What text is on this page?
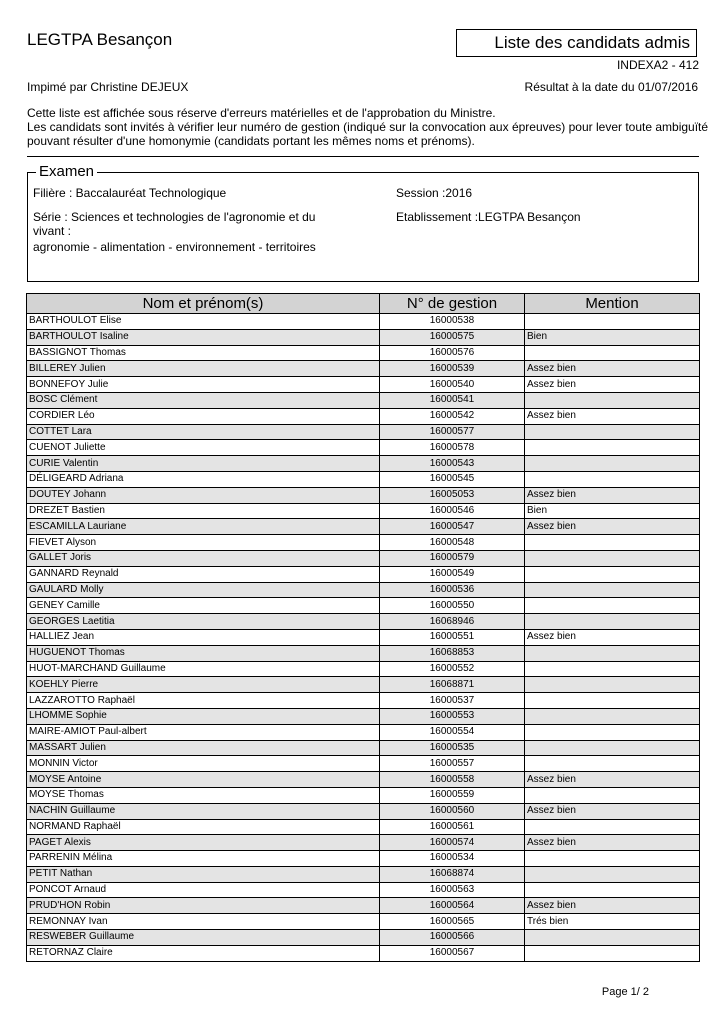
LEGTPA Besançon	Liste des candidats admis
INDEXA2 - 412
Impimé par Christine DEJEUX	Résultat à la date du 01/07/2016
Cette liste est affichée sous réserve d'erreurs matérielles et de l'approbation du Ministre.
Les candidats sont invités à vérifier leur numéro de gestion (indiqué sur la convocation aux épreuves) pour lever toute ambiguïté
pouvant résulter d'une homonymie (candidats portant les mêmes noms et prénoms).
Examen
Filière : Baccalauréat Technologique
Série : Sciences et technologies de l'agronomie et du vivant :
agronomie - alimentation - environnement - territoires
Session :2016
Etablissement :LEGTPA Besançon
Nom et prénom(s)	N° de gestion	Mention
BARTHOULOT Elise	16000538	
BARTHOULOT Isaline	16000575	Bien
BASSIGNOT Thomas	16000576	
BILLEREY Julien	16000539	Assez bien
BONNEFOY Julie	16000540	Assez bien
BOSC Clément	16000541	
CORDIER Léo	16000542	Assez bien
COTTET Lara	16000577	
CUENOT Juliette	16000578	
CURIE Valentin	16000543	
DÉLIGEARD Adriana	16000545	
DOUTEY Johann	16005053	Assez bien
DREZET Bastien	16000546	Bien
ESCAMILLA Lauriane	16000547	Assez bien
FIEVET Alyson	16000548	
GALLET Joris	16000579	
GANNARD Reynald	16000549	
GAULARD Molly	16000536	
GENEY Camille	16000550	
GEORGES Laetitia	16068946	
HALLIEZ Jean	16000551	Assez bien
HUGUENOT Thomas	16068853	
HUOT-MARCHAND Guillaume	16000552	
KOEHLY Pierre	16068871	
LAZZAROTTO Raphaël	16000537	
LHOMME Sophie	16000553	
MAIRE-AMIOT Paul-albert	16000554	
MASSART Julien	16000535	
MONNIN Victor	16000557	
MOYSE Antoine	16000558	Assez bien
MOYSE Thomas	16000559	
NACHIN Guillaume	16000560	Assez bien
NORMAND Raphaël	16000561	
PAGET Alexis	16000574	Assez bien
PARRENIN Mélina	16000534	
PETIT Nathan	16068874	
PONCOT Arnaud	16000563	
PRUD'HON Robin	16000564	Assez bien
REMONNAY Ivan	16000565	Trés bien
RESWEBER Guillaume	16000566	
RETORNAZ Claire	16000567	
Page 1/ 2
